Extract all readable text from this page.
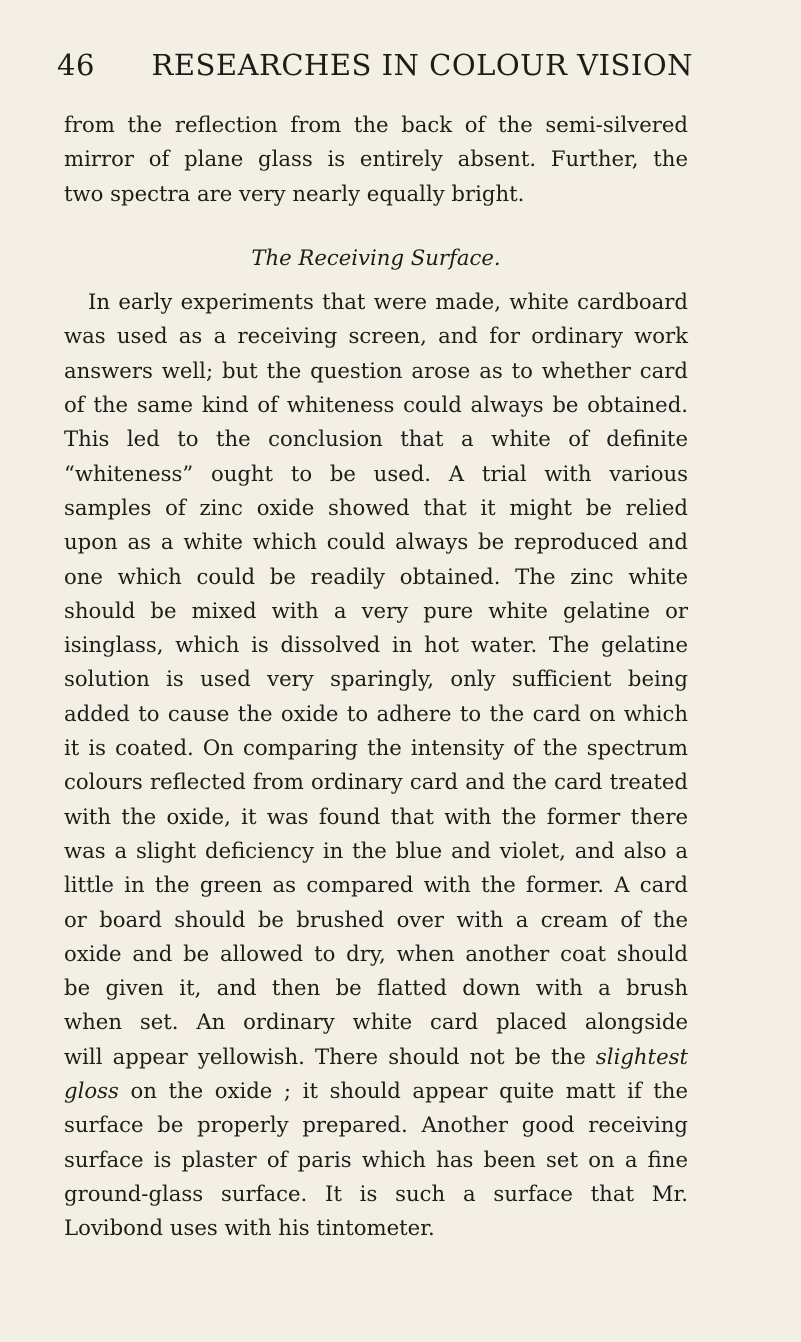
46 RESEARCHES IN COLOUR VISION
from the reflection from the back of the semi-silvered
mirror of plane glass is entirely absent. Further, the
two spectra are very nearly equally bright.
The Receiving Surface.
In early experiments that were made, white cardboard
was used as a receiving screen, and for ordinary work
answers well; but the question arose as to whether card
of the same kind of whiteness could always be obtained.
This led to the conclusion that a white of definite
“whiteness” ought to be used. A trial with various
samples of zinc oxide showed that it might be relied
upon as a white which could always be reproduced and
one which could be readily obtained. The zinc white
should be mixed with a very pure white gelatine or
isinglass, which is dissolved in hot water. The gelatine
solution is used very sparingly, only sufficient being
added to cause the oxide to adhere to the card on which
it is coated. On comparing the intensity of the spectrum
colours reflected from ordinary card and the card treated
with the oxide, it was found that with the former there
was a slight deficiency in the blue and violet, and also a
little in the green as compared with the former. A card
or board should be brushed over with a cream of the
oxide and be allowed to dry, when another coat should
be given it, and then be flatted down with a brush
when set. An ordinary white card placed alongside
will appear yellowish. There should not be the slightest
gloss on the oxide ; it should appear quite matt if the
surface be properly prepared. Another good receiving
surface is plaster of paris which has been set on a fine
ground-glass surface. It is such a surface that Mr.
Lovibond uses with his tintometer.
